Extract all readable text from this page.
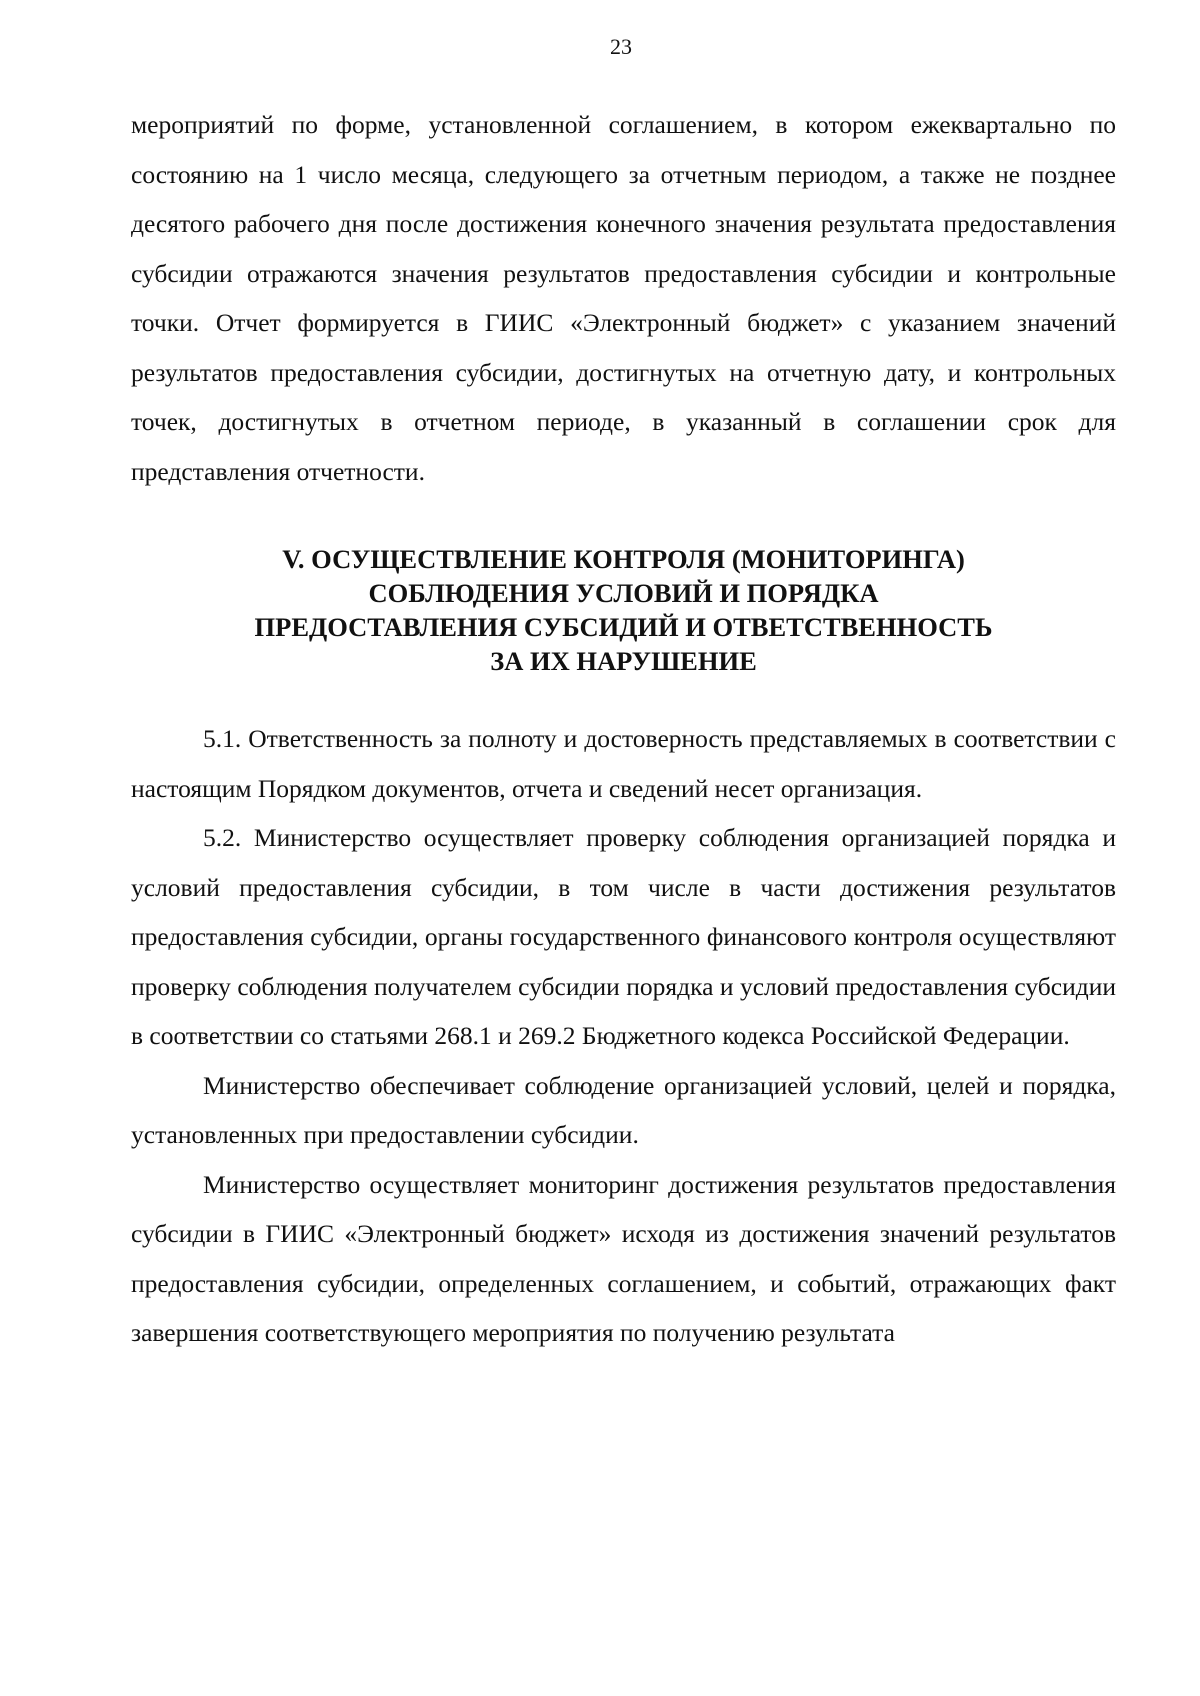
23

мероприятий по форме, установленной соглашением, в котором ежеквартально по состоянию на 1 число месяца, следующего за отчетным периодом, а также не позднее десятого рабочего дня после достижения конечного значения результата предоставления субсидии отражаются значения результатов предоставления субсидии и контрольные точки. Отчет формируется в ГИИС «Электронный бюджет» с указанием значений результатов предоставления субсидии, достигнутых на отчетную дату, и контрольных точек, достигнутых в отчетном периоде, в указанный в соглашении срок для представления отчетности.

V. ОСУЩЕСТВЛЕНИЕ КОНТРОЛЯ (МОНИТОРИНГА)
СОБЛЮДЕНИЯ УСЛОВИЙ И ПОРЯДКА
ПРЕДОСТАВЛЕНИЯ СУБСИДИЙ И ОТВЕТСТВЕННОСТЬ
ЗА ИХ НАРУШЕНИЕ

5.1. Ответственность за полноту и достоверность представляемых в соответствии с настоящим Порядком документов, отчета и сведений несет организация.

5.2. Министерство осуществляет проверку соблюдения организацией порядка и условий предоставления субсидии, в том числе в части достижения результатов предоставления субсидии, органы государственного финансового контроля осуществляют проверку соблюдения получателем субсидии порядка и условий предоставления субсидии в соответствии со статьями 268.1 и 269.2 Бюджетного кодекса Российской Федерации.

Министерство обеспечивает соблюдение организацией условий, целей и порядка, установленных при предоставлении субсидии.

Министерство осуществляет мониторинг достижения результатов предоставления субсидии в ГИИС «Электронный бюджет» исходя из достижения значений результатов предоставления субсидии, определенных соглашением, и событий, отражающих факт завершения соответствующего мероприятия по получению результата
